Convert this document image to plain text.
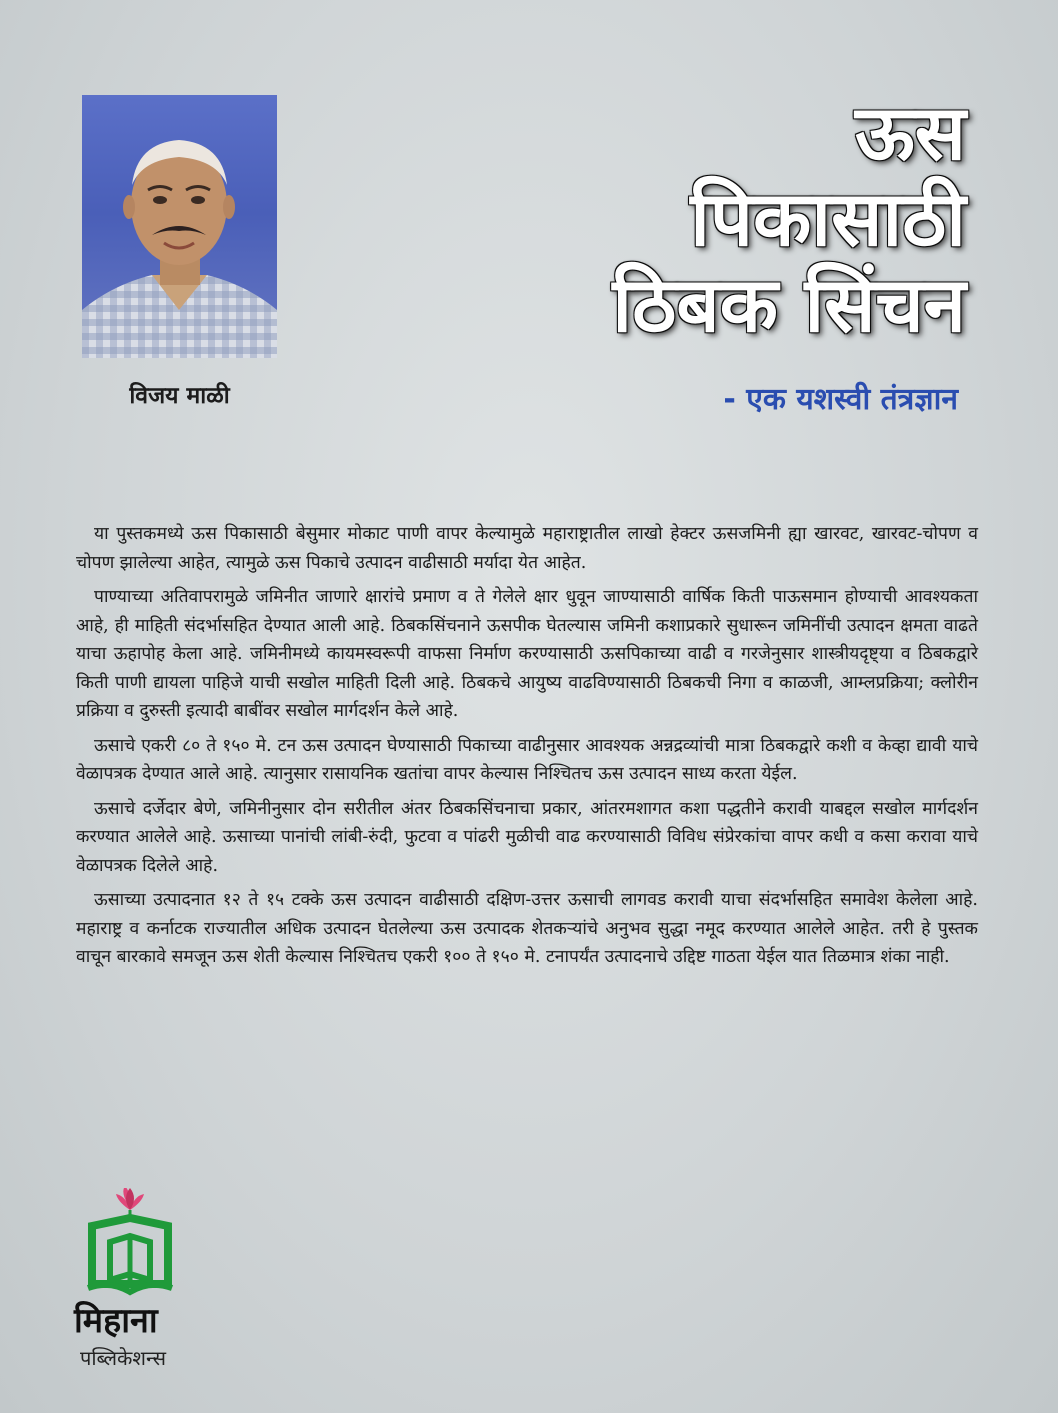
विजय माळी
ऊस
पिकासाठी
ठिबक सिंचन
- एक यशस्वी तंत्रज्ञान

या पुस्तकमध्ये ऊस पिकासाठी बेसुमार मोकाट पाणी वापर केल्यामुळे महाराष्ट्रातील लाखो हेक्टर ऊसजमिनी ह्या खारवट, खारवट-चोपण व चोपण झालेल्या आहेत, त्यामुळे ऊस पिकाचे उत्पादन वाढीसाठी मर्यादा येत आहेत.

पाण्याच्या अतिवापरामुळे जमिनीत जाणारे क्षारांचे प्रमाण व ते गेलेले क्षार धुवून जाण्यासाठी वार्षिक किती पाऊसमान होण्याची आवश्यकता आहे, ही माहिती संदर्भासहित देण्यात आली आहे. ठिबकसिंचनाने ऊसपीक घेतल्यास जमिनी कशाप्रकारे सुधारून जमिनींची उत्पादन क्षमता वाढते याचा ऊहापोह केला आहे. जमिनीमध्ये कायमस्वरूपी वाफसा निर्माण करण्यासाठी ऊसपिकाच्या वाढी व गरजेनुसार शास्त्रीयदृष्ट्या व ठिबकद्वारे किती पाणी द्यायला पाहिजे याची सखोल माहिती दिली आहे. ठिबकचे आयुष्य वाढविण्यासाठी ठिबकची निगा व काळजी, आम्लप्रक्रिया; क्लोरीन प्रक्रिया व दुरुस्ती इत्यादी बाबींवर सखोल मार्गदर्शन केले आहे.

ऊसाचे एकरी ८० ते १५० मे. टन ऊस उत्पादन घेण्यासाठी पिकाच्या वाढीनुसार आवश्यक अन्नद्रव्यांची मात्रा ठिबकद्वारे कशी व केव्हा द्यावी याचे वेळापत्रक देण्यात आले आहे. त्यानुसार रासायनिक खतांचा वापर केल्यास निश्चितच ऊस उत्पादन साध्य करता येईल.

ऊसाचे दर्जेदार बेणे, जमिनीनुसार दोन सरीतील अंतर ठिबकसिंचनाचा प्रकार, आंतरमशागत कशा पद्धतीने करावी याबद्दल सखोल मार्गदर्शन करण्यात आलेले आहे. ऊसाच्या पानांची लांबी-रुंदी, फुटवा व पांढरी मुळीची वाढ करण्यासाठी विविध संप्रेरकांचा वापर कधी व कसा करावा याचे वेळापत्रक दिलेले आहे.

ऊसाच्या उत्पादनात १२ ते १५ टक्के ऊस उत्पादन वाढीसाठी दक्षिण-उत्तर ऊसाची लागवड करावी याचा संदर्भासहित समावेश केलेला आहे. महाराष्ट्र व कर्नाटक राज्यातील अधिक उत्पादन घेतलेल्या ऊस उत्पादक शेतकऱ्यांचे अनुभव सुद्धा नमूद करण्यात आलेले आहेत. तरी हे पुस्तक वाचून बारकावे समजून ऊस शेती केल्यास निश्चितच एकरी १०० ते १५० मे. टनापर्यंत उत्पादनाचे उद्दिष्ट गाठता येईल यात तिळमात्र शंका नाही.

मिहाना
पब्लिकेशन्स
